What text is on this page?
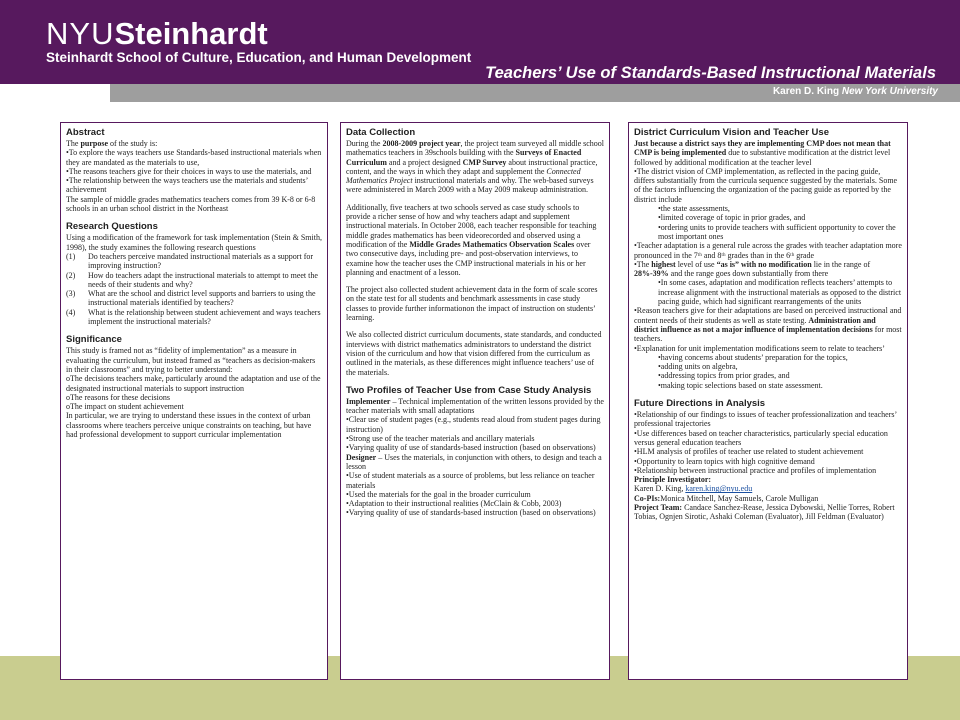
NYUSteinhardt
Steinhardt School of Culture, Education, and Human Development
Teachers’ Use of Standards-Based Instructional Materials
Karen D. King New York University
Abstract

The purpose of the study is:

•To explore the ways teachers use Standards-based instructional materials when they are mandated as the materials to use,

•The reasons teachers give for their choices in ways to use the materials, and

•The relationship between the ways teachers use the materials and students’ achievement

The sample of middle grades mathematics teachers comes from 39 K-8 or 6-8 schools in an urban school district in the Northeast

Research Questions

Using a modification of the framework for task implementation (Stein & Smith, 1998), the study examines the following research questions

(1)	Do teachers perceive mandated instructional materials as a support for improving instruction?
(2)	How do teachers adapt the instructional materials to attempt to meet the needs of their students and why?
(3)	What are the school and district level supports and barriers to using the instructional materials identified by teachers?
(4)	What is the relationship between student achievement and ways teachers implement the instructional materials?
Significance

This study is framed not as “fidelity of implementation” as a measure in evaluating the curriculum, but instead framed as “teachers as decision-makers in their classrooms” and trying to better understand:

oThe decisions teachers make, particularly around the adaptation and use of the designated instructional materials to support instruction

oThe reasons for these decisions

oThe impact on student achievement

In particular, we are trying to understand these issues in the context of urban classrooms where teachers perceive unique constraints on teaching, but have had professional development to support curricular implementation

Data Collection

During the 2008-2009 project year, the project team surveyed all middle school mathematics teachers in 39schools building with the Surveys of Enacted Curriculum and a project designed CMP Survey about instructional practice, content, and the ways in which they adapt and supplement the Connected Mathematics Project instructional materials and why. The web-based surveys were administered in March 2009 with a May 2009 makeup administration.

Additionally, five teachers at two schools served as case study schools to provide a richer sense of how and why teachers adapt and supplement instructional materials. In October 2008, each teacher responsible for teaching middle grades mathematics has been videorecorded and observed using a modification of the Middle Grades Mathematics Observation Scales over two consecutive days, including pre- and post-observation interviews, to examine how the teacher uses the CMP instructional materials in his or her planning and enactment of a lesson.

The project also collected student achievement data in the form of scale scores on the state test for all students and benchmark assessments in case study classes to provide further informationon the impact of instruction on students’ learning.

We also collected district curriculum documents, state standards, and conducted interviews with district mathematics administrators to understand the district vision of the curriculum and how that vision differed from the curriculum as outlined in the materials, as these differences might influence teachers’ use of the materials.

Two Profiles of Teacher Use from Case Study Analysis

Implementer – Technical implementation of the written lessons provided by the teacher materials with small adaptations

•Clear use of student pages (e.g., students read aloud from student pages during instruction)

•Strong use of the teacher materials and ancillary materials

•Varying quality of use of standards-based instruction (based on observations)

Designer – Uses the materials, in conjunction with others, to design and teach a lesson

•Use of student materials as a source of problems, but less reliance on teacher materials

•Used the materials for the goal in the broader curriculum

•Adaptation to their instructional realities (McClain & Cobb, 2003)

•Varying quality of use of standards-based instruction (based on observations)

District Curriculum Vision and Teacher Use

Just because a district says they are implementing CMP does not mean that CMP is being implemented due to substantive modification at the district level followed by additional modification at the teacher level

•The district vision of CMP implementation, as reflected in the pacing guide, differs substantially from the curricula sequence suggested by the materials. Some of the factors influencing the organization of the pacing guide as reported by the district include

•the state assessments,

•limited coverage of topic in prior grades, and

•ordering units to provide teachers with sufficient opportunity to cover the most important ones

•Teacher adaptation is a general rule across the grades with teacher adaptation more pronounced in the 7ᵗʰ and 8ᵗʰ grades than in the 6ᵗʰ grade

•The highest level of use “as is” with no modification lie in the range of 28%-39% and the range goes down substantially from there

•In some cases, adaptation and modification reflects teachers’ attempts to increase alignment with the instructional materials as opposed to the district pacing guide, which had significant rearrangements of the units

•Reason teachers give for their adaptations are based on perceived instructional and content needs of their students as well as state testing. Administration and district influence as not a major influence of implementation decisions for most teachers.

•Explanation for unit implementation modifications seem to relate to teachers’

•having concerns about students’ preparation for the topics,

•adding units on algebra,

•addressing topics from prior grades, and

•making topic selections based on state assessment.

Future Directions in Analysis

•Relationship of our findings to issues of teacher professionalization and teachers’ professional trajectories

•Use differences based on teacher characteristics, particularly special education versus general education teachers

•HLM analysis of profiles of teacher use related to student achievement

•Opportunity to learn topics with high cognitive demand

•Relationship between instructional practice and profiles of implementation

Principle Investigator:

Karen D. King, karen.king@nyu.edu

Co-PIs:Monica Mitchell, May Samuels, Carole Mulligan

Project Team: Candace Sanchez-Rease, Jessica Dybowski, Nellie Torres, Robert Tobias, Ognjen Sirotic, Ashaki Coleman (Evaluator), Jill Feldman (Evaluator)
